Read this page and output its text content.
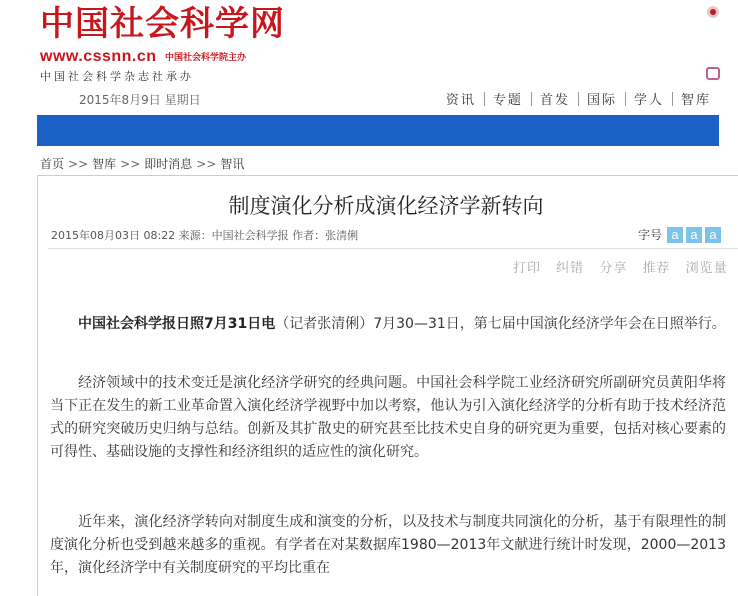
中国社会科学网
www.cssnn.cn 中国社会科学院主办
中国社会科学杂志社承办
2015年8月9日 星期日	资讯	专题	首发	国际	学人	智库
首页 >> 智库 >> 即时消息 >> 智讯
制度演化分析成演化经济学新转向
2015年08月03日 08:22 来源：中国社会科学报 作者：张清俐	字号 a a a
打印 纠错 分享 推荐 浏览量

  中国社会科学报日照7月31日电（记者张清俐）7月30—31日，第七届中国演化经济学年会在日照举行。

  经济领域中的技术变迁是演化经济学研究的经典问题。中国社会科学院工业经济研究所副研究员黄阳华将当下正在发生的新工业革命置入演化经济学视野中加以考察，他认为引入演化经济学的分析有助于技术经济范式的研究突破历史归纳与总结。创新及其扩散史的研究甚至比技术史自身的研究更为重要，包括对核心要素的可得性、基础设施的支撑性和经济组织的适应性的演化研究。

  近年来，演化经济学转向对制度生成和演变的分析，以及技术与制度共同演化的分析，基于有限理性的制度演化分析也受到越来越多的重视。有学者在对某数据库1980—2013年文献进行统计时发现，2000—2013年，演化经济学中有关制度研究的平均比重在
